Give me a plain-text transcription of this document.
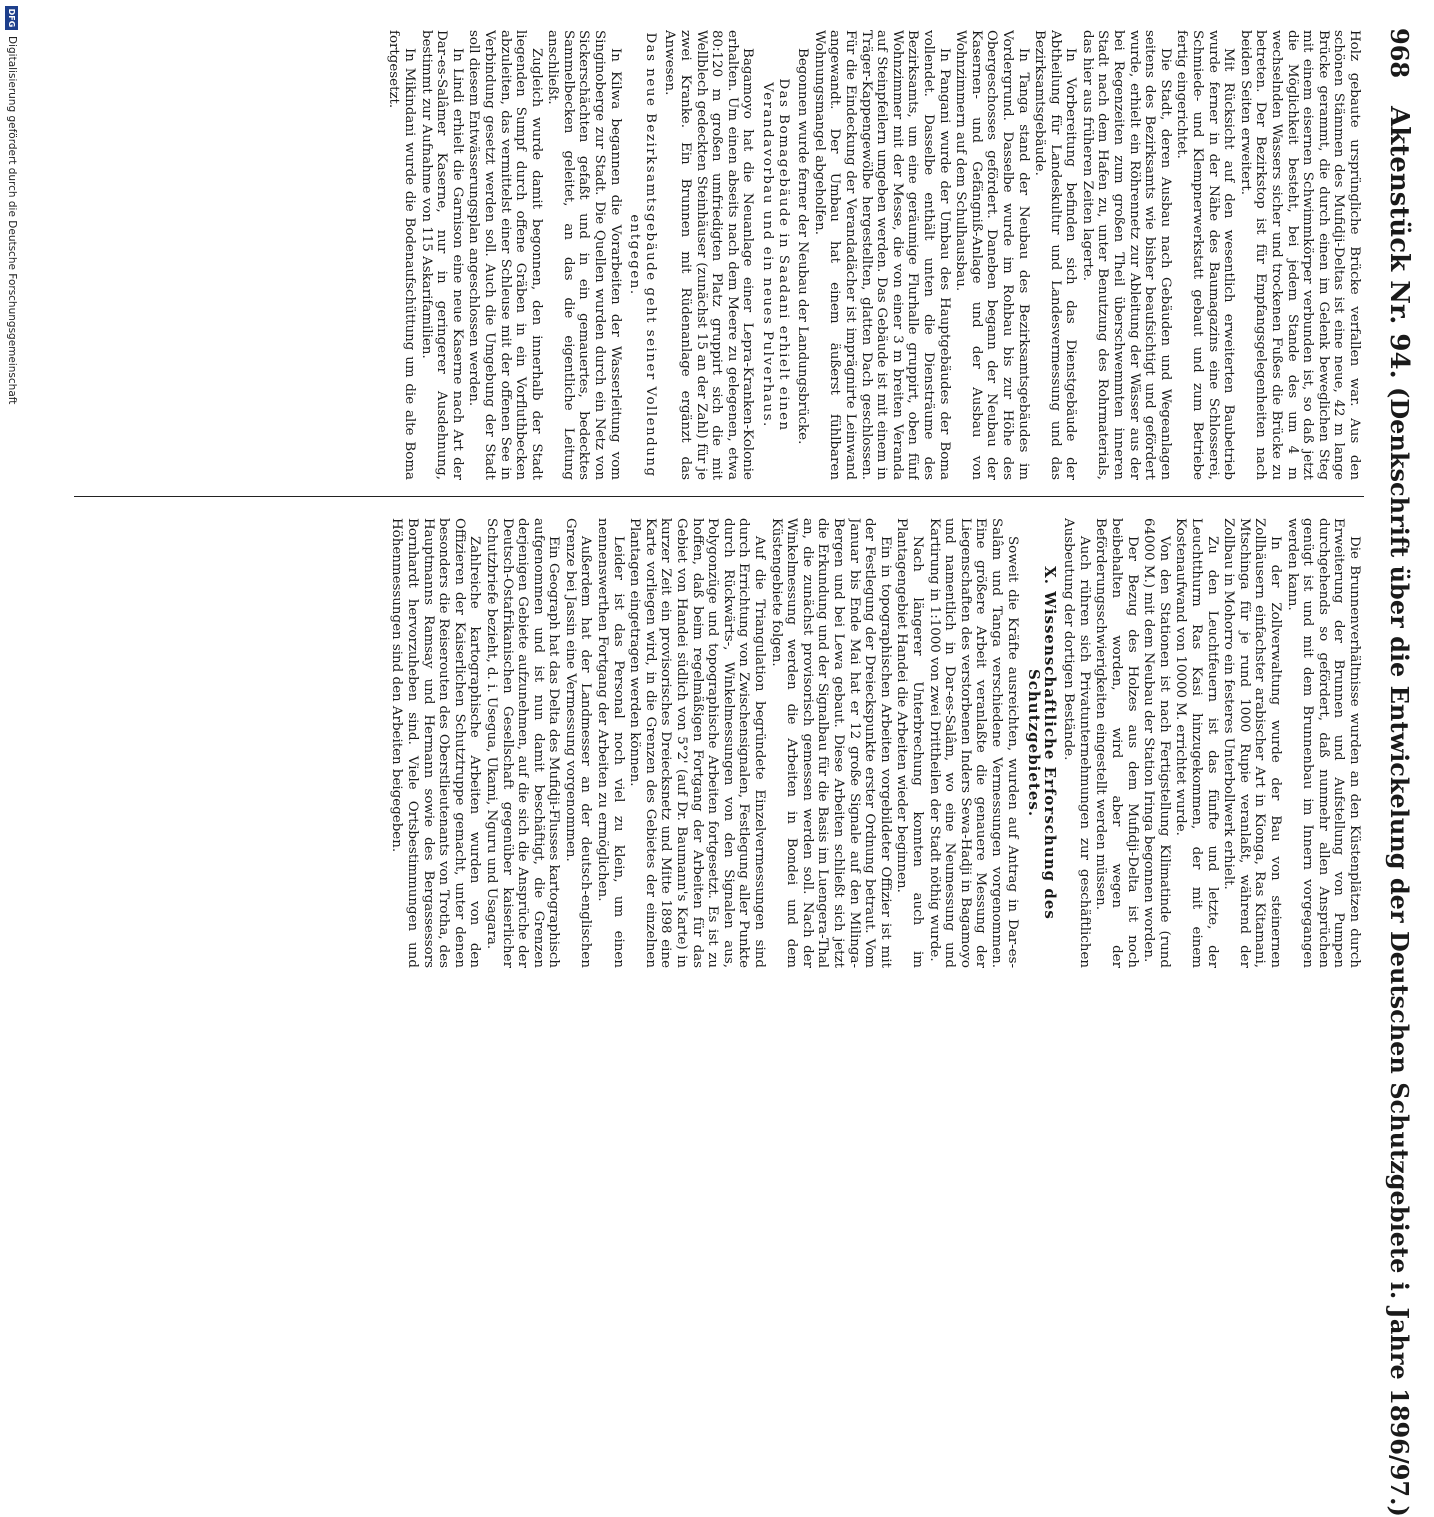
968
Aktenstück Nr. 94. (Denkschrift über die Entwickelung der Deutschen Schutzgebiete i. Jahre 1896/97.)

Holz gebaute ursprüngliche Brücke verfallen war. Aus den schönen Stämmen des Mufidji-Deltas ist eine neue, 42 m lange Brücke gerammt, die durch einen im Gelenk beweglichen Steg mit einem eisernen Schwimmkörper verbunden ist, so daß jetzt die Möglichkeit besteht, bei jedem Stande des um 4 m wechselnden Wassers sicher und trockenen Fußes die Brücke zu betreten. Der Bezirkstop ist für Empfangsgelegenheiten nach beiden Seiten erweitert.

Mit Rücksicht auf den wesentlich erweiterten Baubetrieb wurde ferner in der Nähe des Baumagazins eine Schlosserei, Schmiede- und Klempnerwerkstatt gebaut und zum Betriebe fertig eingerichtet.

Die Stadt, deren Ausbau nach Gebäuden und Wegeanlagen seitens des Bezirksamts wie bisher beaufsichtigt und gefördert wurde, erhielt ein Röhrennetz zur Ableitung der Wässer aus der bei Regenzeiten zum großen Theil überschwemmten inneren Stadt nach dem Hafen zu, unter Benutzung des Rohrmaterials, das hier aus früheren Zeiten lagerte.

In Vorbereitung befinden sich das Dienstgebäude der Abtheilung für Landeskultur und Landesvermessung und das Bezirksamtsgebäude.

In Tanga stand der Neubau des Bezirksamtsgebäudes im Vordergrund. Dasselbe wurde im Rohbau bis zur Höhe des Obergeschosses gefördert. Daneben begann der Neubau der Kasernen- und Gefängniß-Anlage und der Ausbau von Wohnzimmern auf dem Schulhausbau.

In Pangani wurde der Umbau des Hauptgebäudes der Boma vollendet. Dasselbe enthält unten die Diensträume des Bezirksamts, um eine geräumige Flurhalle gruppirt, oben fünf Wohnzimmer mit der Messe, die von einer 3 m breiten Veranda auf Steinpfeilern umgeben werden. Das Gebäude ist mit einem in Träger-Kappengewölbe hergestellten, glatten Dach geschlossen. Für die Eindeckung der Verandadächer ist imprägnirte Leinwand angewandt. Der Umbau hat einem äußerst fühlbaren Wohnungsmangel abgeholfen.

Begonnen wurde ferner der Neubau der Landungsbrücke.

Das Bomagebäude in Saadani erhielt einen Verandavorbau und ein neues Pulverhaus.

Bagamoyo hat die Neuanlage einer Lepra-Kranken-Kolonie erhalten. Um einen abseits nach dem Meere zu gelegenen, etwa 80:120 m großen umfriedigten Platz gruppirt sich die mit Wellblech gedeckten Steinhäuser (zunächst 15 an der Zahl) für je zwei Kranke. Ein Brunnen mit Rüdenanlage ergänzt das Anwesen.

Das neue Bezirksamtsgebäude geht seiner Vollendung entgegen.

In Kilwa begannen die Vorarbeiten der Wasserleitung vom Singinoberge zur Stadt. Die Quellen wurden durch ein Netz von Sickerschächten gefaßt und in ein gemauertes, bedecktes Sammelbecken geleitet, an das die eigentliche Leitung anschließt.

Zugleich wurde damit begonnen, den innerhalb der Stadt liegenden Sumpf durch offene Gräben in ein Vorfluthbecken abzuleiten, das vermittelst einer Schleuse mit der offenen See in Verbindung gesetzt werden soll. Auch die Umgebung der Stadt soll diesem Entwässerungsplan angeschlossen werden.

In Lindi erhielt die Garnison eine neue Kaserne nach Art der Dar-es-Salâmer Kaserne, nur in geringerer Ausdehnung, bestimmt zur Aufnahme von 115 Askarifamilien.

In Mikindani wurde die Bodenaufschüttung um die alte Boma fortgesetzt.

Die Brunnenverhältnisse wurden an den Küstenplätzen durch Erweiterung der Brunnen und Aufstellung von Pumpen durchgehends so gefördert, daß nunmehr allen Ansprüchen genügt ist und mit dem Brunnenbau im Innern vorgegangen werden kann.

In der Zollverwaltung wurde der Bau von steinernen Zollhäusern einfachster arabischer Art in Kionga, Ras Kitamani, Mtschinga für je rund 1000 Rupie veranlaßt, während der Zollbau in Mohorro ein festeres Unterbollwerk erhielt.

Zu den Leuchtfeuern ist das fünfte und letzte, der Leuchtthurm Ras Kasi hinzugekommen, der mit einem Kostenaufwand von 10000 M. errichtet wurde.

Von den Stationen ist nach Fertigstellung Kilimatinde (rund 64000 M.) mit dem Neubau der Station Iringa begonnen worden.

Der Bezug des Holzes aus dem Mufidji-Delta ist noch beibehalten worden, wird aber wegen der Beförderungsschwierigkeiten eingestellt werden müssen.

Auch rühren sich Privatunternehmungen zur geschäftlichen Ausbeutung der dortigen Bestände.

X. Wissenschaftliche Erforschung des Schutzgebietes.

Soweit die Kräfte ausreichten, wurden auf Antrag in Dar-es-Salâm und Tanga verschiedene Vermessungen vorgenommen. Eine größere Arbeit veranlaßte die genauere Messung der Liegenschaften des verstorbenen Inders Sewa-Hadji in Bagamoyo und namentlich in Dar-es-Salâm, wo eine Neumessung und Kartirung in 1:1000 von zwei Drittheilen der Stadt nöthig wurde.

Nach längerer Unterbrechung konnten auch im Plantagengebiet Handei die Arbeiten wieder beginnen.

Ein in topographischen Arbeiten vorgebildeter Offizier ist mit der Festlegung der Dreieckspunkte erster Ordnung betraut. Vom Januar bis Ende Mai hat er 12 große Signale auf den Milinga-Bergen und bei Lewa gebaut. Diese Arbeiten schließt sich jetzt die Erkundung und der Signalbau für die Basis im Luengera-Thal an, die zunächst provisorisch gemessen werden soll. Nach der Winkelmessung werden die Arbeiten in Bondei und dem Küstengebiete folgen.

Auf die Triangulation begründete Einzelvermessungen sind durch Errichtung von Zwischensignalen, Festlegung aller Punkte durch Rückwärts-, Winkelmessungen von den Signalen aus, Polygonzüge und topographische Arbeiten fortgesetzt. Es ist zu hoffen, daß beim regelmäßigen Fortgang der Arbeiten für das Gebiet von Handei südlich von 5°2' (auf Dr. Baumann's Karte) in kurzer Zeit ein provisorisches Dreiecksnetz und Mitte 1898 eine Karte vorliegen wird, in die Grenzen des Gebietes der einzelnen Plantagen eingetragen werden können.

Leider ist das Personal noch viel zu klein, um einen nennenswerthen Fortgang der Arbeiten zu ermöglichen.

Außerdem hat der Landmesser an der deutsch-englischen Grenze bei Jassin eine Vermessung vorgenommen.

Ein Geograph hat das Delta des Mufidji-Flusses kartographisch aufgenommen und ist nun damit beschäftigt, die Grenzen derjenigen Gebiete aufzunehmen, auf die sich die Ansprüche der Deutsch-Ostafrikanischen Gesellschaft gegenüber kaiserlicher Schutzbriefe bezieht, d. i. Usegua, Ukami, Nguru und Usagara.

Zahlreiche kartographische Arbeiten wurden von den Offizieren der Kaiserlichen Schutztruppe gemacht, unter denen besonders die Reiserouten des Oberstlieutenants von Trotha, des Hauptmanns Ramsay und Hermann sowie des Bergassessors Bornhardt hervorzuheben sind. Viele Ortsbestimmungen und Höhenmessungen sind den Arbeiten beigegeben.

DFG
Digitalisierung gefördert durch die Deutsche Forschungsgemeinschaft
